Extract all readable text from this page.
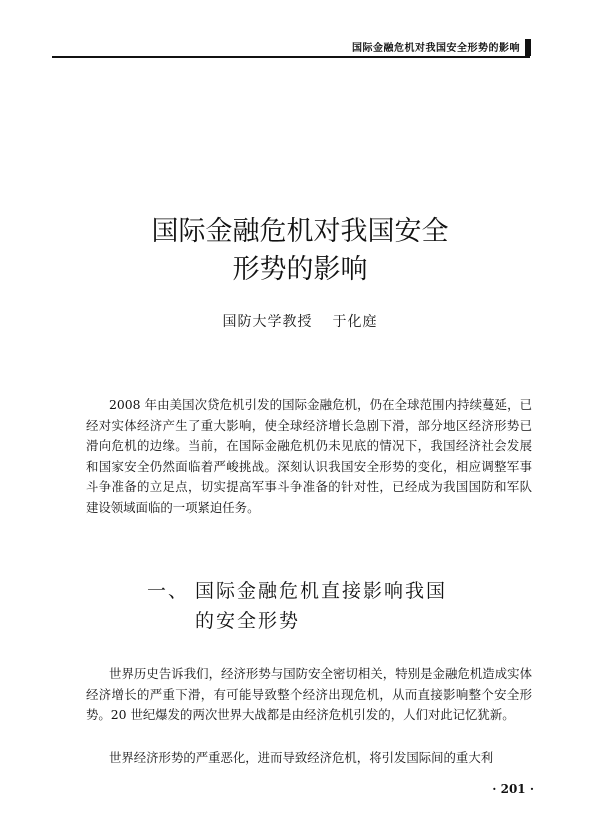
国际金融危机对我国安全形势的影响
国际金融危机对我国安全
形势的影响
国防大学教授 于化庭

2008 年由美国次贷危机引发的国际金融危机，仍在全球范围内持续蔓延，已经对实体经济产生了重大影响，使全球经济增长急剧下滑，部分地区经济形势已滑向危机的边缘。当前，在国际金融危机仍未见底的情况下，我国经济社会发展和国家安全仍然面临着严峻挑战。深刻认识我国安全形势的变化，相应调整军事斗争准备的立足点，切实提高军事斗争准备的针对性，已经成为我国国防和军队建设领域面临的一项紧迫任务。

一、 国际金融危机直接影响我国
的安全形势

世界历史告诉我们，经济形势与国防安全密切相关，特别是金融危机造成实体经济增长的严重下滑，有可能导致整个经济出现危机，从而直接影响整个安全形势。20 世纪爆发的两次世界大战都是由经济危机引发的，人们对此记忆犹新。

世界经济形势的严重恶化，进而导致经济危机，将引发国际间的重大利

· 201 ·
